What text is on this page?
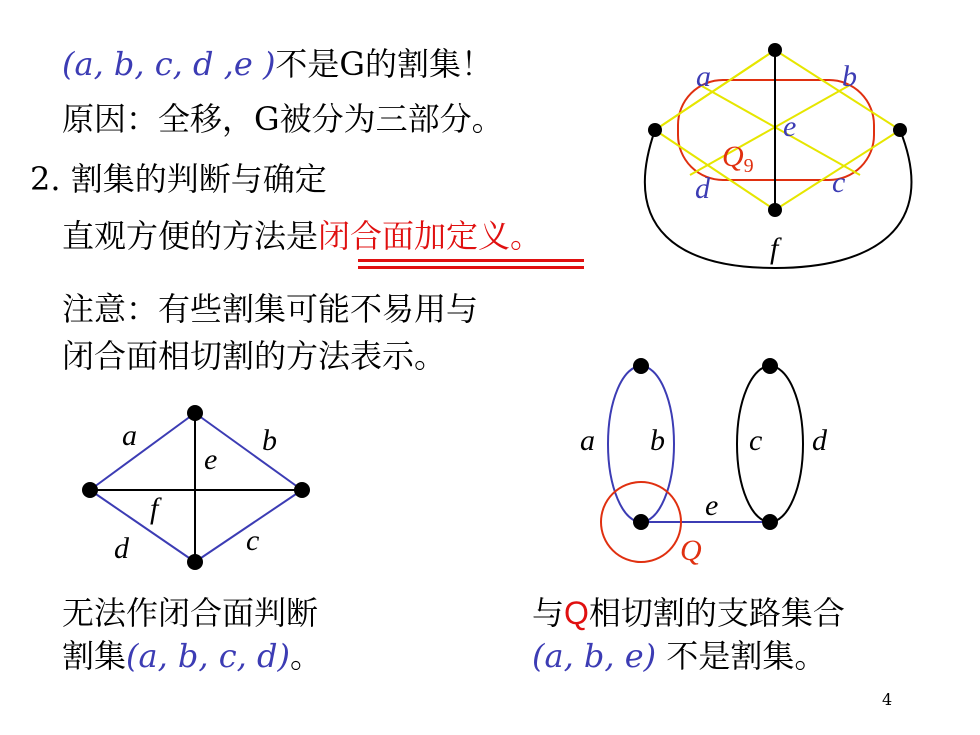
(a, b, c, d ,e )不是G的割集！
原因：全移，G被分为三部分。
2. 割集的判断与确定
直观方便的方法是闭合面加定义。
注意：有些割集可能不易用与
闭合面相切割的方法表示。
无法作闭合面判断
割集(a, b, c, d)。
与Q相切割的支路集合
(a, b, e) 不是割集。
4
a	b
e
$Q_9$
d	c
f
a	b
e
f
d	c
a b	c d
e
Q
